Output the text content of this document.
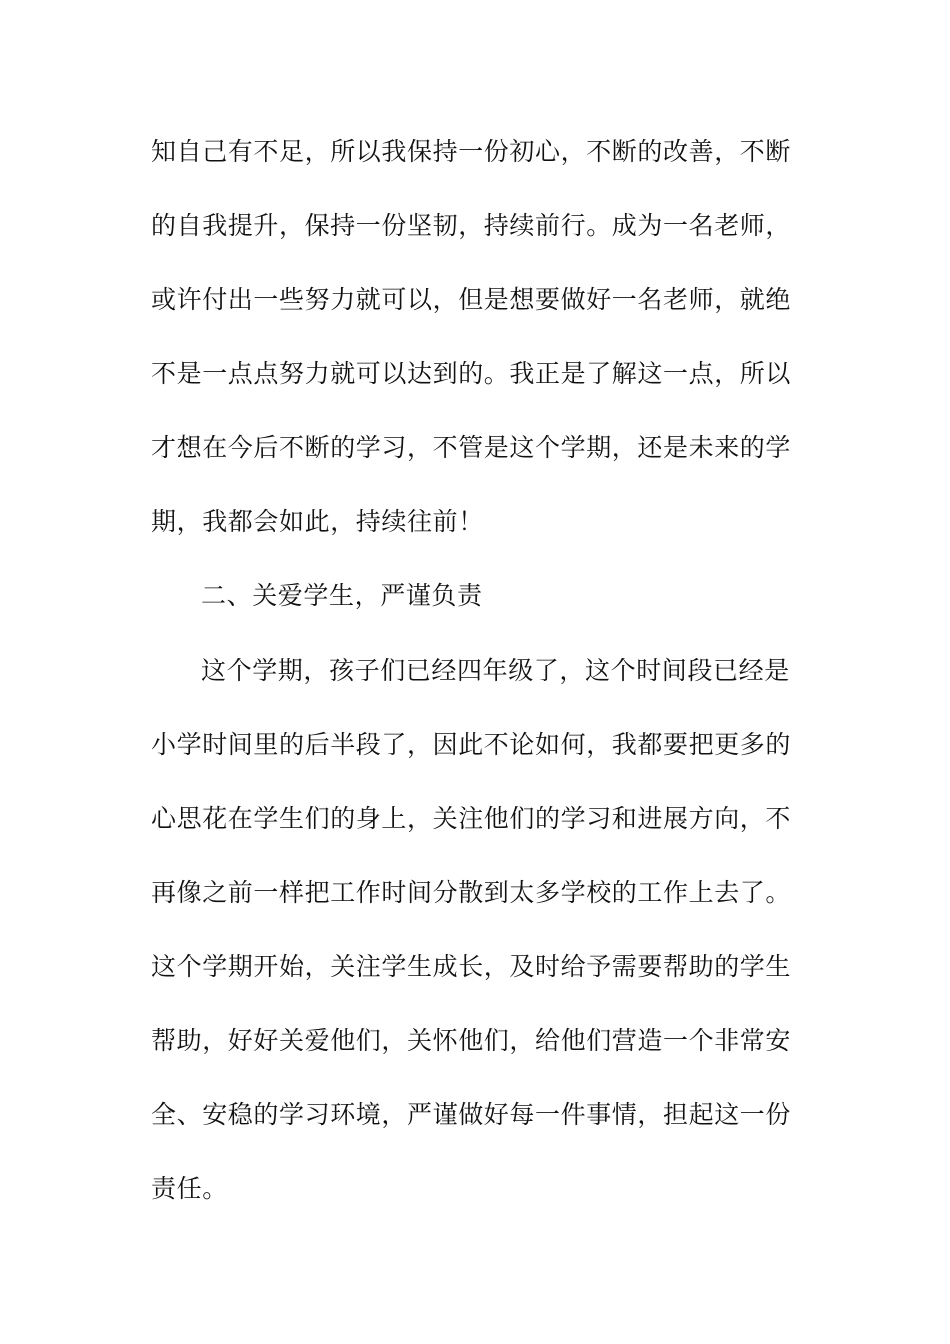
知自己有不足，所以我保持一份初心，不断的改善，不断
的自我提升，保持一份坚韧，持续前行。成为一名老师，
或许付出一些努力就可以，但是想要做好一名老师，就绝
不是一点点努力就可以达到的。我正是了解这一点，所以
才想在今后不断的学习，不管是这个学期，还是未来的学
期，我都会如此，持续往前！
二、关爱学生，严谨负责
这个学期，孩子们已经四年级了，这个时间段已经是
小学时间里的后半段了，因此不论如何，我都要把更多的
心思花在学生们的身上，关注他们的学习和进展方向，不
再像之前一样把工作时间分散到太多学校的工作上去了。
这个学期开始，关注学生成长，及时给予需要帮助的学生
帮助，好好关爱他们，关怀他们，给他们营造一个非常安
全、安稳的学习环境，严谨做好每一件事情，担起这一份
责任。
